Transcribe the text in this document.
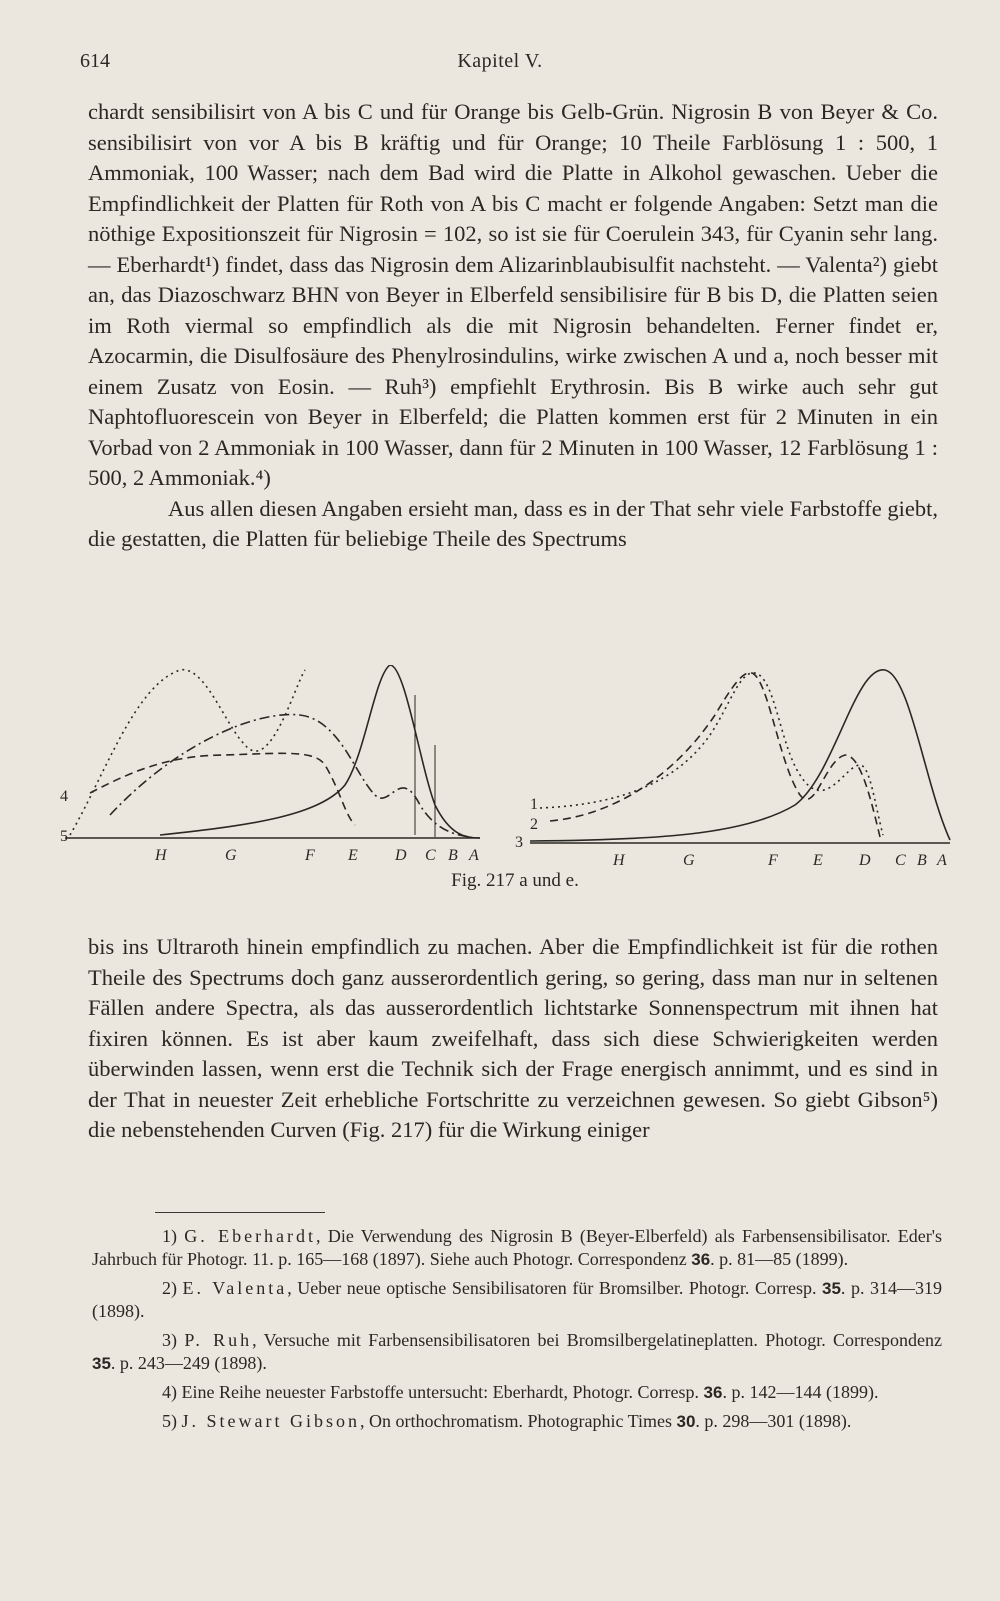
614	Kapitel V.

chardt sensibilisirt von A bis C und für Orange bis Gelb-Grün. Nigrosin B von Beyer & Co. sensibilisirt von vor A bis B kräftig und für Orange; 10 Theile Farblösung 1 : 500, 1 Ammoniak, 100 Wasser; nach dem Bad wird die Platte in Alkohol gewaschen. Ueber die Empfindlichkeit der Platten für Roth von A bis C macht er folgende Angaben: Setzt man die nöthige Expositionszeit für Nigrosin = 102, so ist sie für Coerulein 343, für Cyanin sehr lang. — Eberhardt¹) findet, dass das Nigrosin dem Alizarinblaubisulfit nachsteht. — Valenta²) giebt an, das Diazoschwarz BHN von Beyer in Elberfeld sensibilisire für B bis D, die Platten seien im Roth viermal so empfindlich als die mit Nigrosin behandelten. Ferner findet er, Azocarmin, die Disulfosäure des Phenylrosindulins, wirke zwischen A und a, noch besser mit einem Zusatz von Eosin. — Ruh³) empfiehlt Erythrosin. Bis B wirke auch sehr gut Naphtofluorescein von Beyer in Elberfeld; die Platten kommen erst für 2 Minuten in ein Vorbad von 2 Ammoniak in 100 Wasser, dann für 2 Minuten in 100 Wasser, 12 Farblösung 1 : 500, 2 Ammoniak.⁴)

Aus allen diesen Angaben ersieht man, dass es in der That sehr viele Farbstoffe giebt, die gestatten, die Platten für beliebige Theile des Spectrums

4
5
1
2
3
H	G	F E D C B A	H	G	F E D C B A
Fig. 217 a und e.

bis ins Ultraroth hinein empfindlich zu machen. Aber die Empfindlichkeit ist für die rothen Theile des Spectrums doch ganz ausserordentlich gering, so gering, dass man nur in seltenen Fällen andere Spectra, als das ausserordentlich lichtstarke Sonnenspectrum mit ihnen hat fixiren können. Es ist aber kaum zweifelhaft, dass sich diese Schwierigkeiten werden überwinden lassen, wenn erst die Technik sich der Frage energisch annimmt, und es sind in der That in neuester Zeit erhebliche Fortschritte zu verzeichnen gewesen. So giebt Gibson⁵) die nebenstehenden Curven (Fig. 217) für die Wirkung einiger

1) G. Eberhardt, Die Verwendung des Nigrosin B (Beyer-Elberfeld) als Farbensensibilisator. Eder's Jahrbuch für Photogr. 11. p. 165—168 (1897). Siehe auch Photogr. Correspondenz 36. p. 81—85 (1899).

2) E. Valenta, Ueber neue optische Sensibilisatoren für Bromsilber. Photogr. Corresp. 35. p. 314—319 (1898).

3) P. Ruh, Versuche mit Farbensensibilisatoren bei Bromsilbergelatineplatten. Photogr. Correspondenz 35. p. 243—249 (1898).

4) Eine Reihe neuester Farbstoffe untersucht: Eberhardt, Photogr. Corresp. 36. p. 142—144 (1899).

5) J. Stewart Gibson, On orthochromatism. Photographic Times 30. p. 298—301 (1898).
